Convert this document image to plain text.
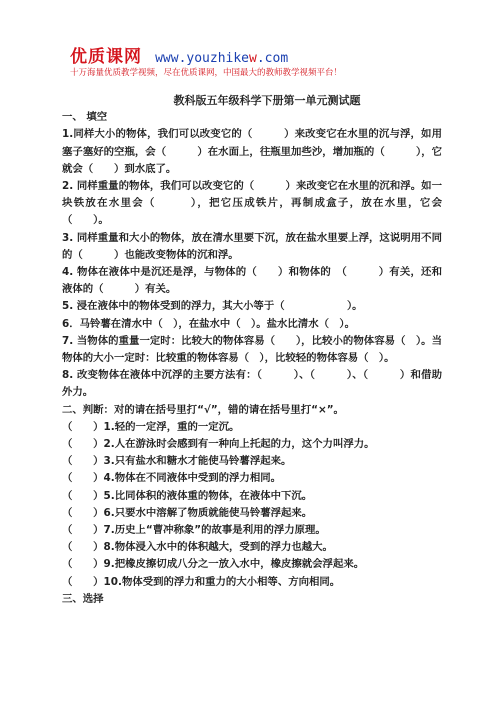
优质课网 www.youzhikew.com
十万海量优质教学视频，尽在优质课网，中国最大的教师教学视频平台！
教科版五年级科学下册第一单元测试题
一、 填空

1.同样大小的物体，我们可以改变它的（　　　）来改变它在水里的沉与浮，如用塞子塞好的空瓶，会（　　　）在水面上，往瓶里加些沙，增加瓶的（　　　），它就会（　　）到水底了。

2. 同样重量的物体，我们可以改变它的（　　　）来改变它在水里的沉和浮。如一块铁放在水里会（　　　），把它压成铁片，再制成盒子，放在水里，它会（　　）。

3. 同样重量和大小的物体，放在清水里要下沉，放在盐水里要上浮，这说明用不同的（　　　）也能改变物体的沉和浮。

4. 物体在液体中是沉还是浮，与物体的（　　）和物体的　（　　　）有关，还和液体的（　　　）有关。

5. 浸在液体中的物体受到的浮力，其大小等于（　　　　　　）。

6．马铃薯在清水中（　），在盐水中（　）。盐水比清水（　）。

7. 当物体的重量一定时：比较大的物体容易（　　），比较小的物体容易（　）。当物体的大小一定时：比较重的物体容易（　），比较轻的物体容易（　）。

8. 改变物体在液体中沉浮的主要方法有：（　　　）、（　　　）、（　　　）和借助外力。

二、判断：对的请在括号里打“√”，错的请在括号里打“×”。

（　　）1.轻的一定浮，重的一定沉。

（　　）2.人在游泳时会感到有一种向上托起的力，这个力叫浮力。

（　　）3.只有盐水和糖水才能使马铃薯浮起来。

（　　）4.物体在不同液体中受到的浮力相同。

（　　）5.比同体积的液体重的物体，在液体中下沉。

（　　）6.只要水中溶解了物质就能使马铃薯浮起来。

（　　）7.历史上“曹冲称象”的故事是利用的浮力原理。

（　　）8.物体浸入水中的体积越大，受到的浮力也越大。

（　　）9.把橡皮擦切成八分之一放入水中，橡皮擦就会浮起来。

（　　）10.物体受到的浮力和重力的大小相等、方向相同。

三、选择
